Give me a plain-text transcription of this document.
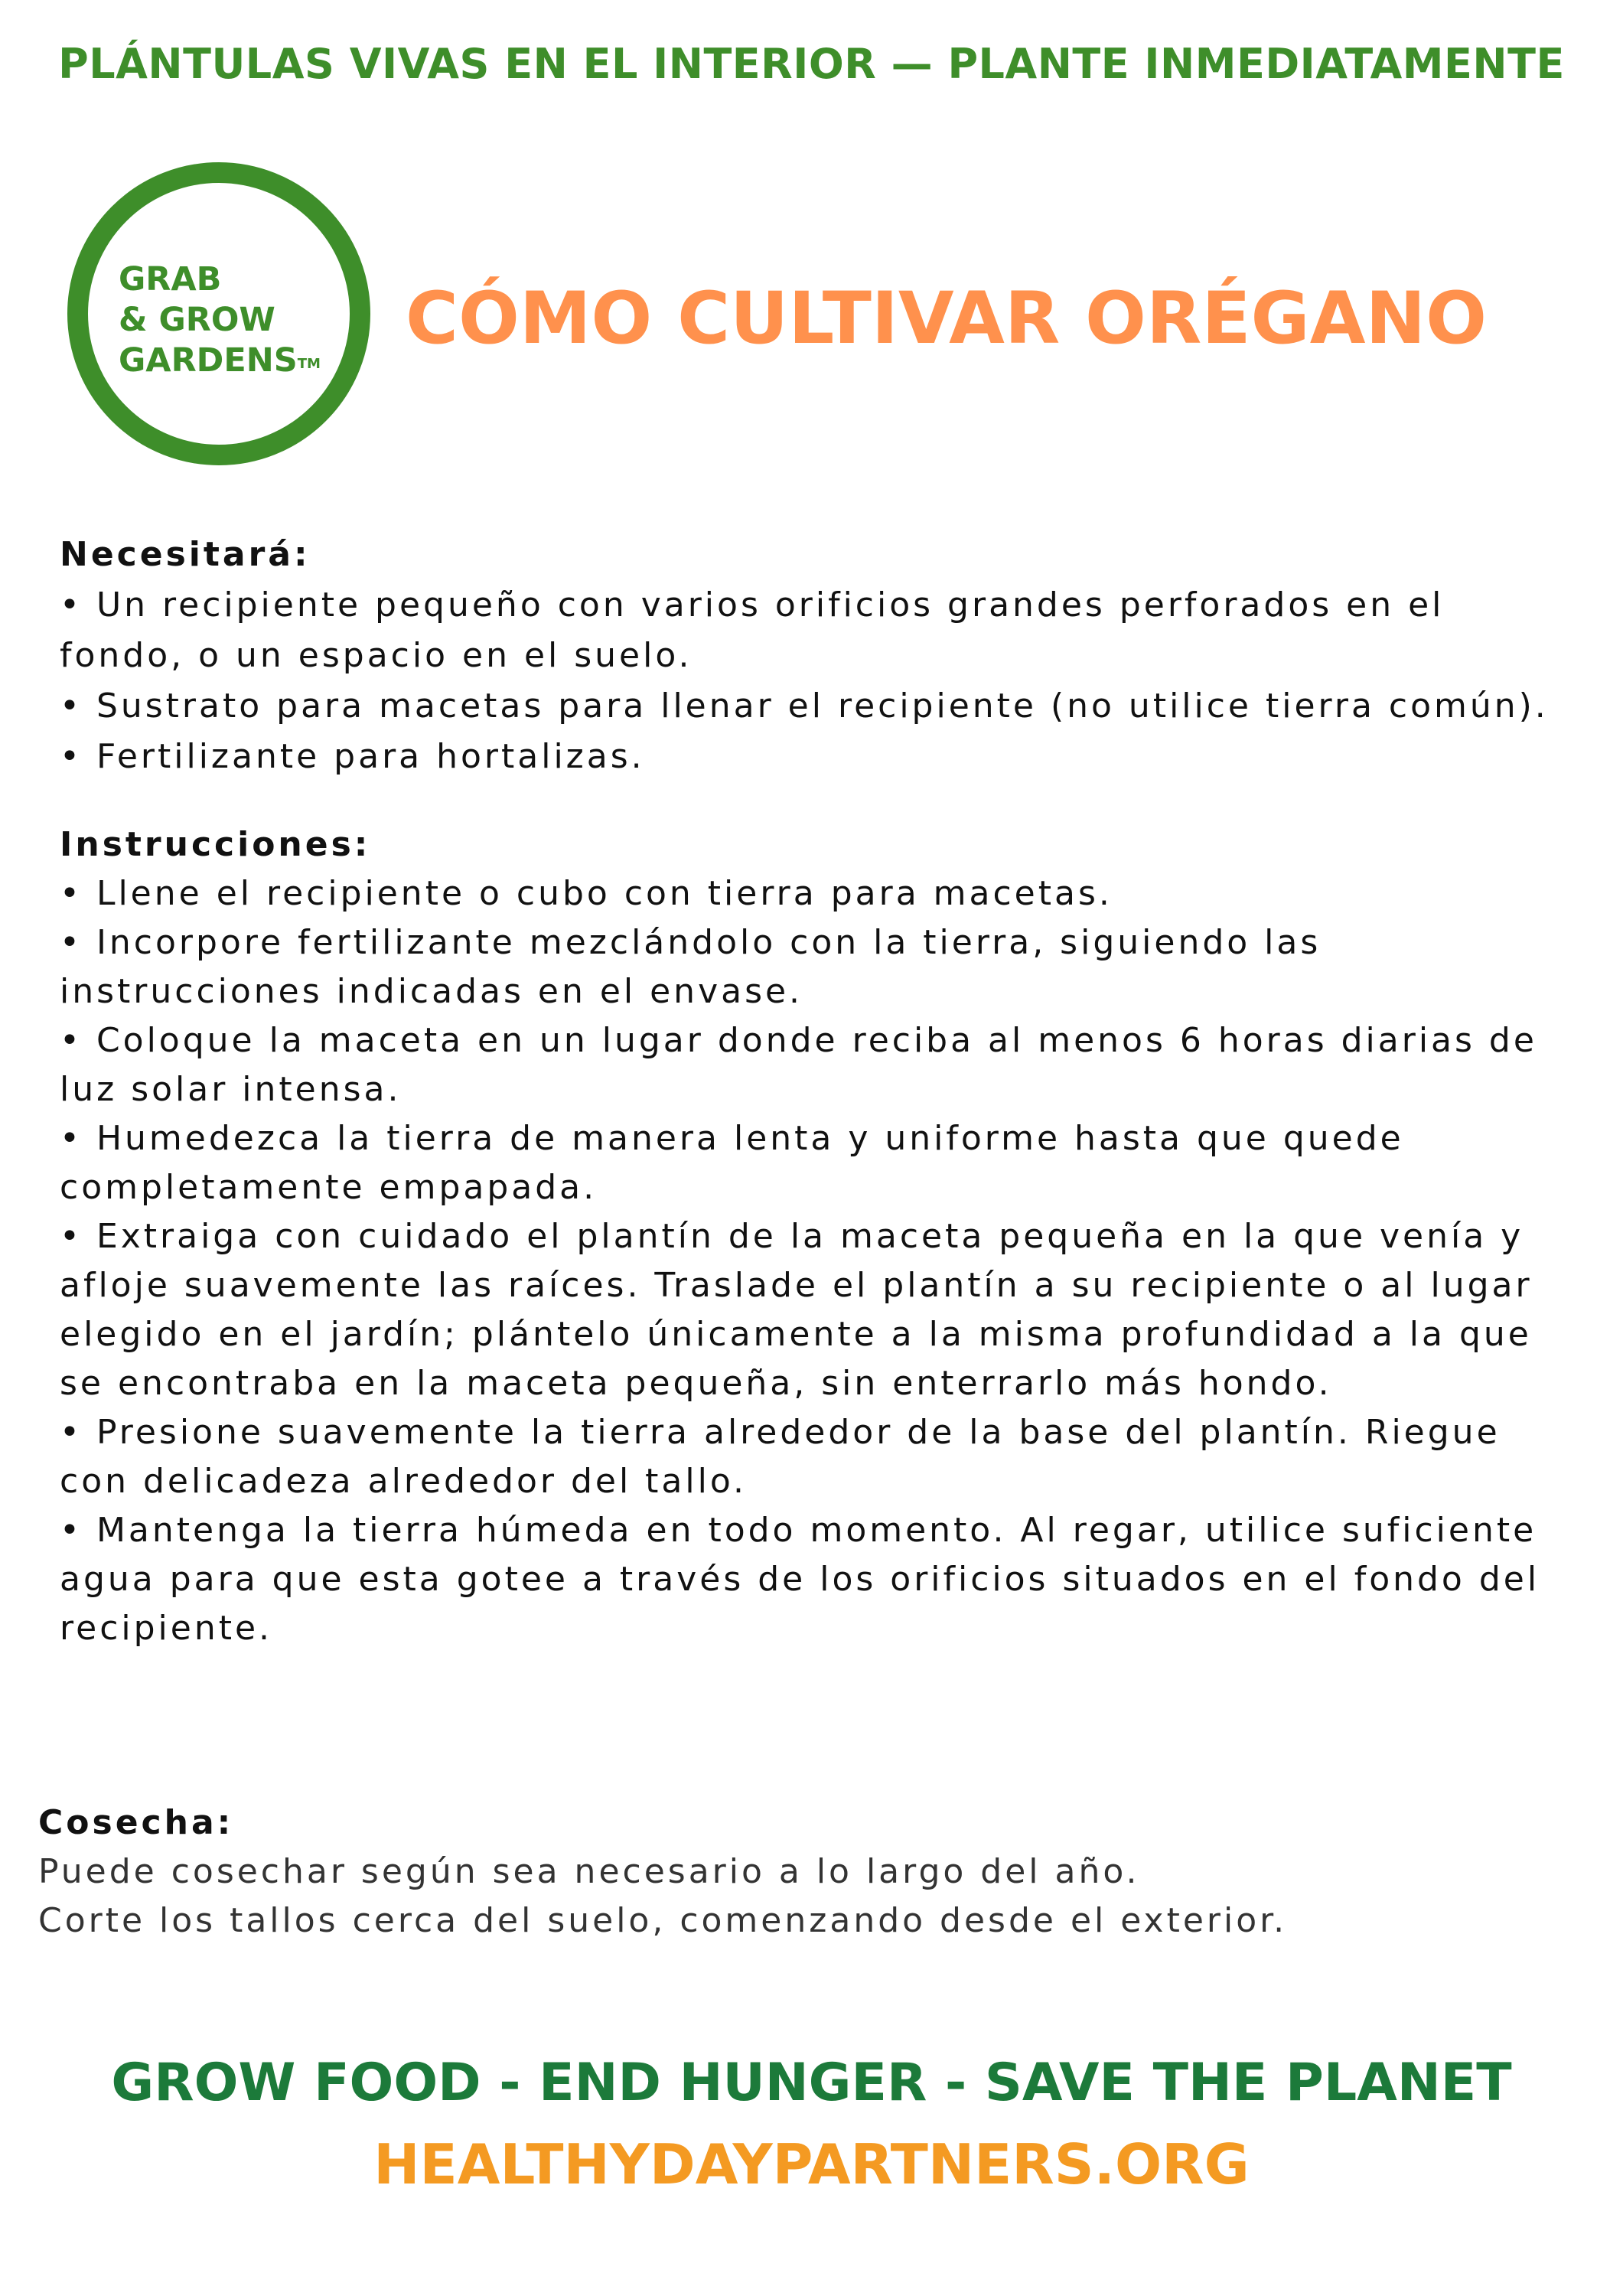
PLÁNTULAS VIVAS EN EL INTERIOR — PLANTE INMEDIATAMENTE
GRAB
& GROW
GARDENS™
CÓMO CULTIVAR ORÉGANO

Necesitará:

• Un recipiente pequeño con varios orificios grandes perforados en el fondo, o un espacio en el suelo.

• Sustrato para macetas para llenar el recipiente (no utilice tierra común).

• Fertilizante para hortalizas.

Instrucciones:

• Llene el recipiente o cubo con tierra para macetas.

• Incorpore fertilizante mezclándolo con la tierra, siguiendo las instrucciones indicadas en el envase.

• Coloque la maceta en un lugar donde reciba al menos 6 horas diarias de luz solar intensa.

• Humedezca la tierra de manera lenta y uniforme hasta que quede completamente empapada.

• Extraiga con cuidado el plantín de la maceta pequeña en la que venía y afloje suavemente las raíces. Traslade el plantín a su recipiente o al lugar elegido en el jardín; plántelo únicamente a la misma profundidad a la que se encontraba en la maceta pequeña, sin enterrarlo más hondo.

• Presione suavemente la tierra alrededor de la base del plantín. Riegue con delicadeza alrededor del tallo.

• Mantenga la tierra húmeda en todo momento. Al regar, utilice suficiente agua para que esta gotee a través de los orificios situados en el fondo del recipiente.

Cosecha:
Puede cosechar según sea necesario a lo largo del año.
Corte los tallos cerca del suelo, comenzando desde el exterior.
GROW FOOD - END HUNGER - SAVE THE PLANET
HEALTHYDAYPARTNERS.ORG
